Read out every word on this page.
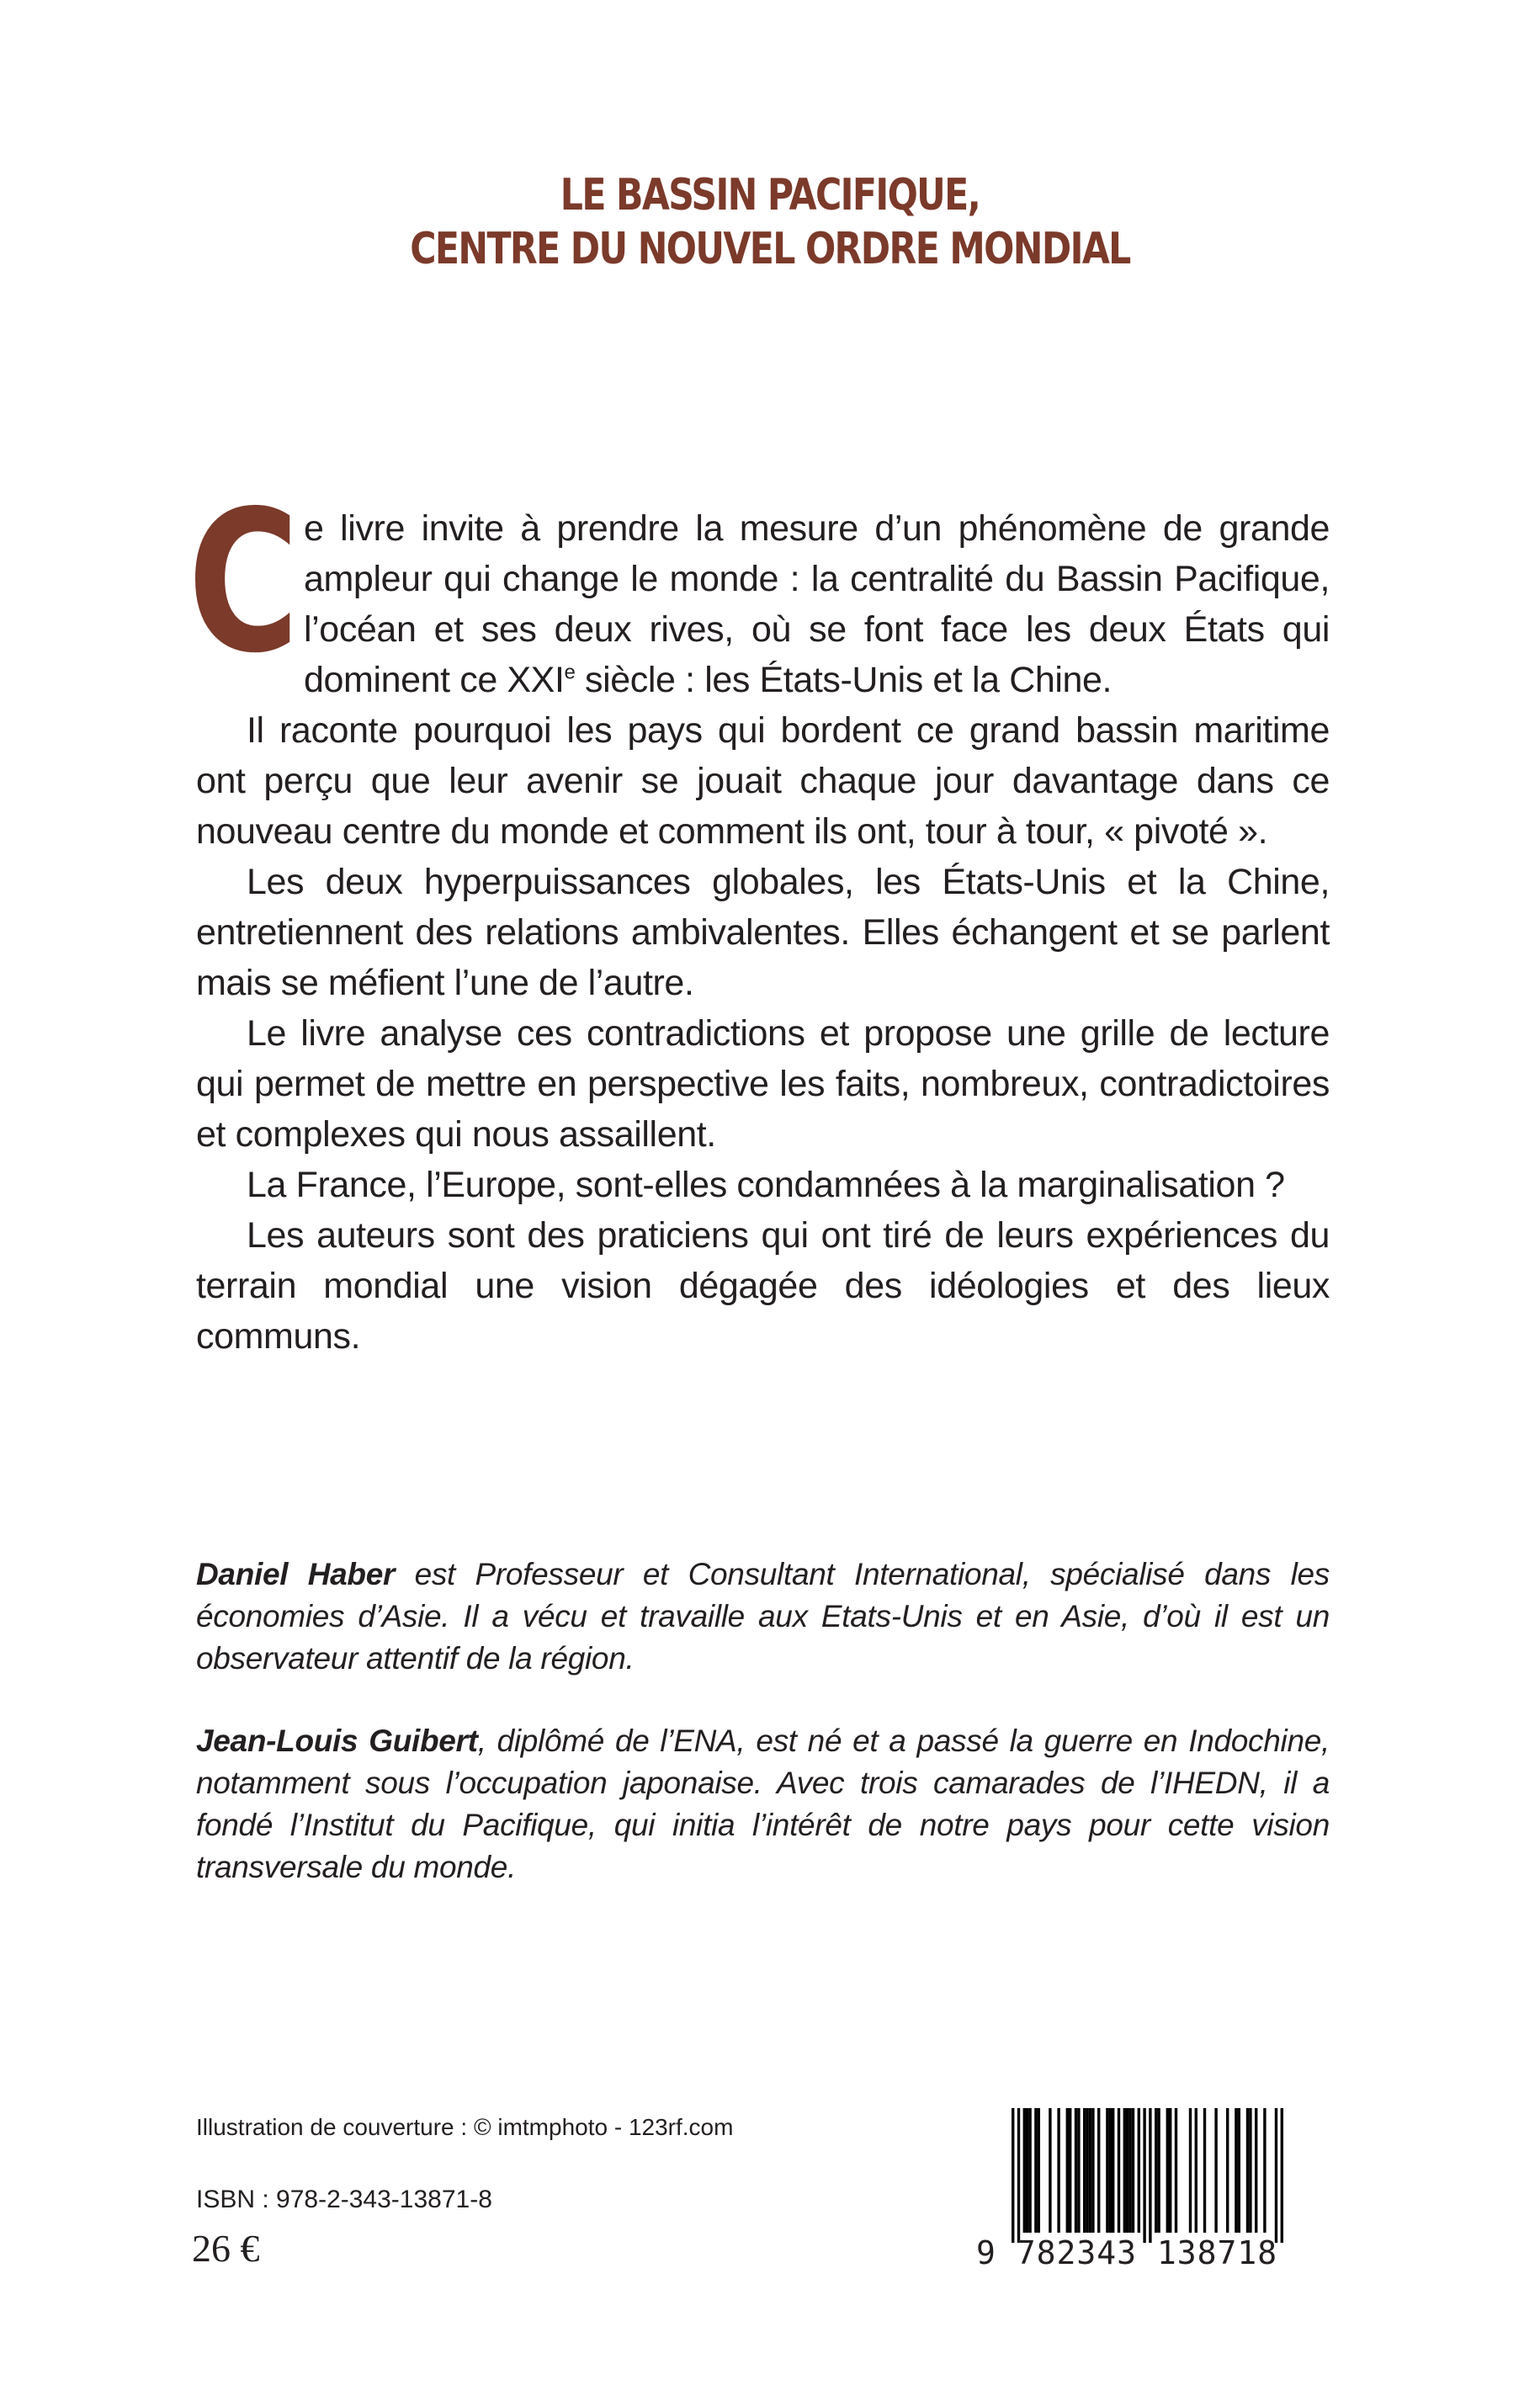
LE BASSIN PACIFIQUE,
CENTRE DU NOUVEL ORDRE MONDIAL

Ce livre invite à prendre la mesure d’un phénomène de grande ampleur qui change le monde : la centralité du Bassin Pacifique, l’océan et ses deux rives, où se font face les deux États qui dominent ce XXIe siècle : les États-Unis et la Chine.

Il raconte pourquoi les pays qui bordent ce grand bassin maritime ont perçu que leur avenir se jouait chaque jour davantage dans ce nouveau centre du monde et comment ils ont, tour à tour, « pivoté ».

Les deux hyperpuissances globales, les États-Unis et la Chine, entretiennent des relations ambivalentes. Elles échangent et se parlent mais se méfient l’une de l’autre.

Le livre analyse ces contradictions et propose une grille de lecture qui permet de mettre en perspective les faits, nombreux, contradictoires et complexes qui nous assaillent.

La France, l’Europe, sont-elles condamnées à la marginalisation ?

Les auteurs sont des praticiens qui ont tiré de leurs expériences du terrain mondial une vision dégagée des idéologies et des lieux communs.

Daniel Haber est Professeur et Consultant International, spécialisé dans les économies d’Asie. Il a vécu et travaille aux Etats-Unis et en Asie, d’où il est un observateur attentif de la région.

Jean-Louis Guibert, diplômé de l’ENA, est né et a passé la guerre en Indochine, notamment sous l’occupation japonaise. Avec trois camarades de l’IHEDN, il a fondé l’Institut du Pacifique, qui initia l’intérêt de notre pays pour cette vision transversale du monde.

Illustration de couverture : © imtmphoto - 123rf.com
ISBN : 978-2-343-13871-8
26 €	9 782343 138718
